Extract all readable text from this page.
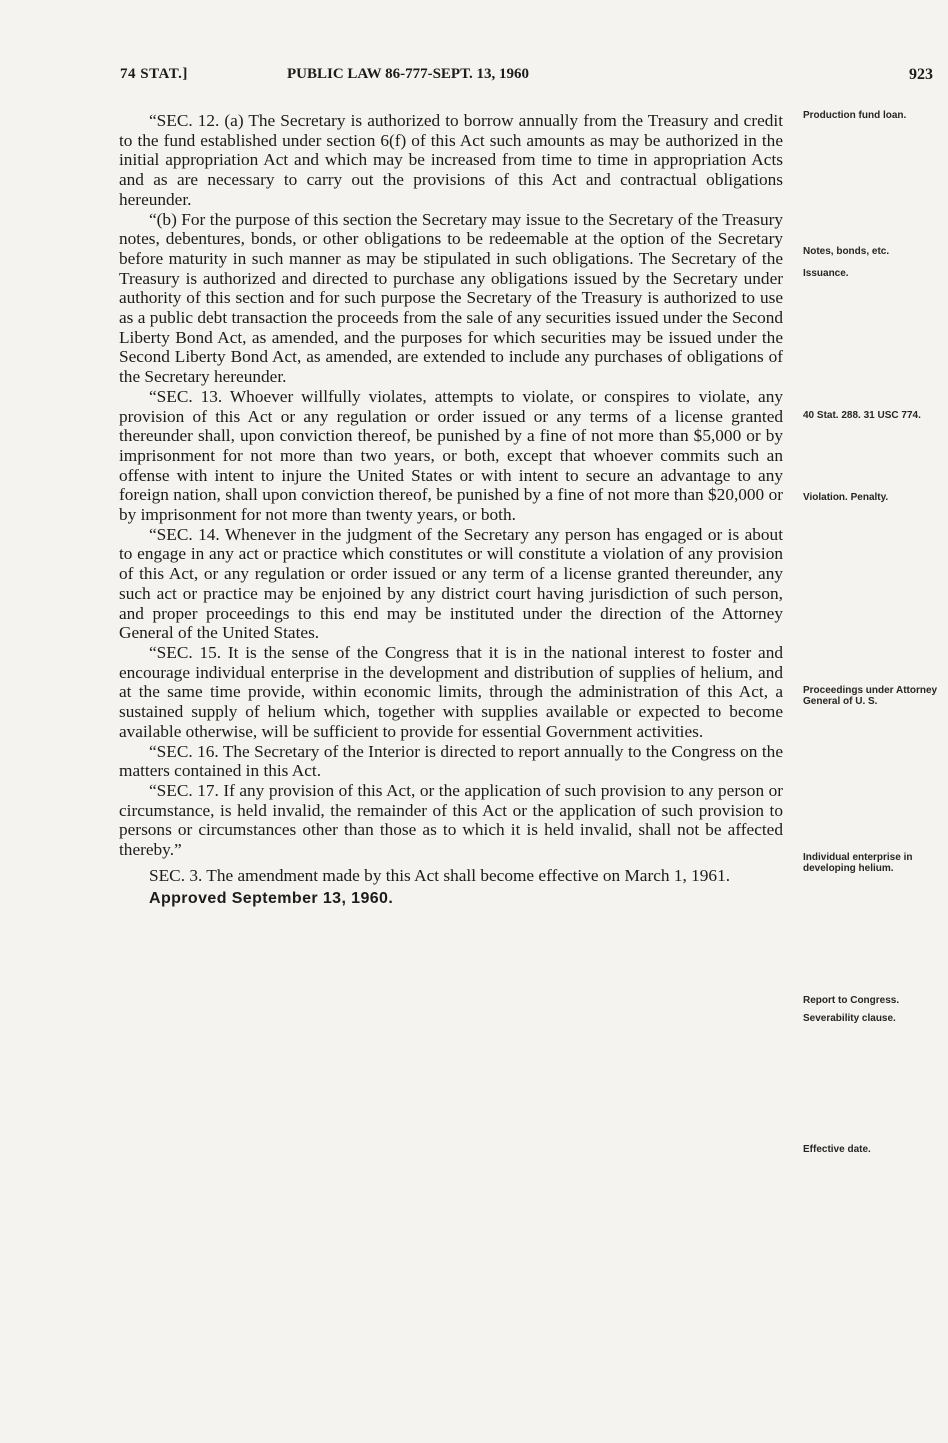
74 STAT.]	PUBLIC LAW 86-777-SEPT. 13, 1960	923

“SEC. 12. (a) The Secretary is authorized to borrow annually from the Treasury and credit to the fund established under section 6(f) of this Act such amounts as may be authorized in the initial appropriation Act and which may be increased from time to time in appropriation Acts and as are necessary to carry out the provisions of this Act and contractual obligations hereunder.

“(b) For the purpose of this section the Secretary may issue to the Secretary of the Treasury notes, debentures, bonds, or other obligations to be redeemable at the option of the Secretary before maturity in such manner as may be stipulated in such obligations. The Secretary of the Treasury is authorized and directed to purchase any obligations issued by the Secretary under authority of this section and for such purpose the Secretary of the Treasury is authorized to use as a public debt transaction the proceeds from the sale of any securities issued under the Second Liberty Bond Act, as amended, and the purposes for which securities may be issued under the Second Liberty Bond Act, as amended, are extended to include any purchases of obligations of the Secretary hereunder.

“SEC. 13. Whoever willfully violates, attempts to violate, or conspires to violate, any provision of this Act or any regulation or order issued or any terms of a license granted thereunder shall, upon conviction thereof, be punished by a fine of not more than $5,000 or by imprisonment for not more than two years, or both, except that whoever commits such an offense with intent to injure the United States or with intent to secure an advantage to any foreign nation, shall upon conviction thereof, be punished by a fine of not more than $20,000 or by imprisonment for not more than twenty years, or both.

“SEC. 14. Whenever in the judgment of the Secretary any person has engaged or is about to engage in any act or practice which constitutes or will constitute a violation of any provision of this Act, or any regulation or order issued or any term of a license granted thereunder, any such act or practice may be enjoined by any district court having jurisdiction of such person, and proper proceedings to this end may be instituted under the direction of the Attorney General of the United States.

“SEC. 15. It is the sense of the Congress that it is in the national interest to foster and encourage individual enterprise in the development and distribution of supplies of helium, and at the same time provide, within economic limits, through the administration of this Act, a sustained supply of helium which, together with supplies available or expected to become available otherwise, will be sufficient to provide for essential Government activities.

“SEC. 16. The Secretary of the Interior is directed to report annually to the Congress on the matters contained in this Act.

“SEC. 17. If any provision of this Act, or the application of such provision to any person or circumstance, is held invalid, the remainder of this Act or the application of such provision to persons or circumstances other than those as to which it is held invalid, shall not be affected thereby.”

SEC. 3. The amendment made by this Act shall become effective on March 1, 1961.

Approved September 13, 1960.

Production fund loan.
Notes, bonds, etc.
Issuance.
40 Stat. 288. 31 USC 774.
Violation. Penalty.
Proceedings under Attorney General of U. S.
Individual enterprise in developing helium.
Report to Congress.
Severability clause.
Effective date.
